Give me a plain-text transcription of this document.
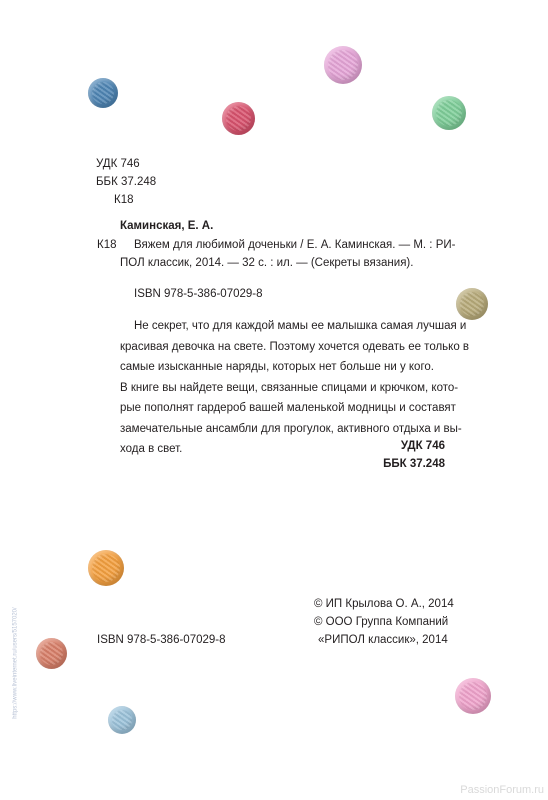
УДК 746
ББК 37.248
К18
Каминская, Е. А.
К18 Вяжем для любимой доченьки / Е. А. Каминская. — М. : РИ-
ПОЛ классик, 2014. — 32 с. : ил. — (Секреты вязания).
ISBN 978-5-386-07029-8
Не секрет, что для каждой мамы ее малышка самая лучшая и
красивая девочка на свете. Поэтому хочется одевать ее только в
самые изысканные наряды, которых нет больше ни у кого.
В книге вы найдете вещи, связанные спицами и крючком, кото-
рые пополнят гардероб вашей маленькой модницы и составят
замечательные ансамбли для прогулок, активного отдыха и вы-
хода в свет.	УДК 746
ББК 37.248
© ИП Крылова О. А., 2014
© ООО Группа Компаний
«РИПОЛ классик», 2014
ISBN 978-5-386-07029-8
https://www.liveinternet.ru/users/5157020/
PassionForum.ru
